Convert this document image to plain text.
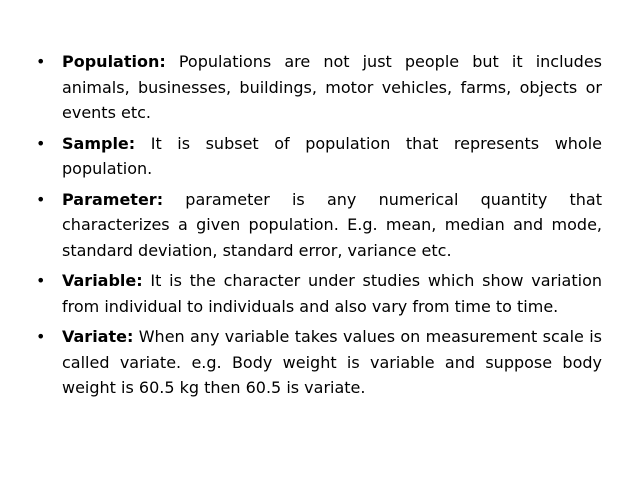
•	Population: Populations are not just people but it includes animals, businesses, buildings, motor vehicles, farms, objects or events etc.
•	Sample: It is subset of population that represents whole population.
•	Parameter: parameter is any numerical quantity that characterizes a given population. E.g. mean, median and mode, standard deviation, standard error, variance etc.
•	Variable: It is the character under studies which show variation from individual to individuals and also vary from time to time.
•	Variate: When any variable takes values on measurement scale is called variate. e.g. Body weight is variable and suppose body weight is 60.5 kg then 60.5 is variate.
